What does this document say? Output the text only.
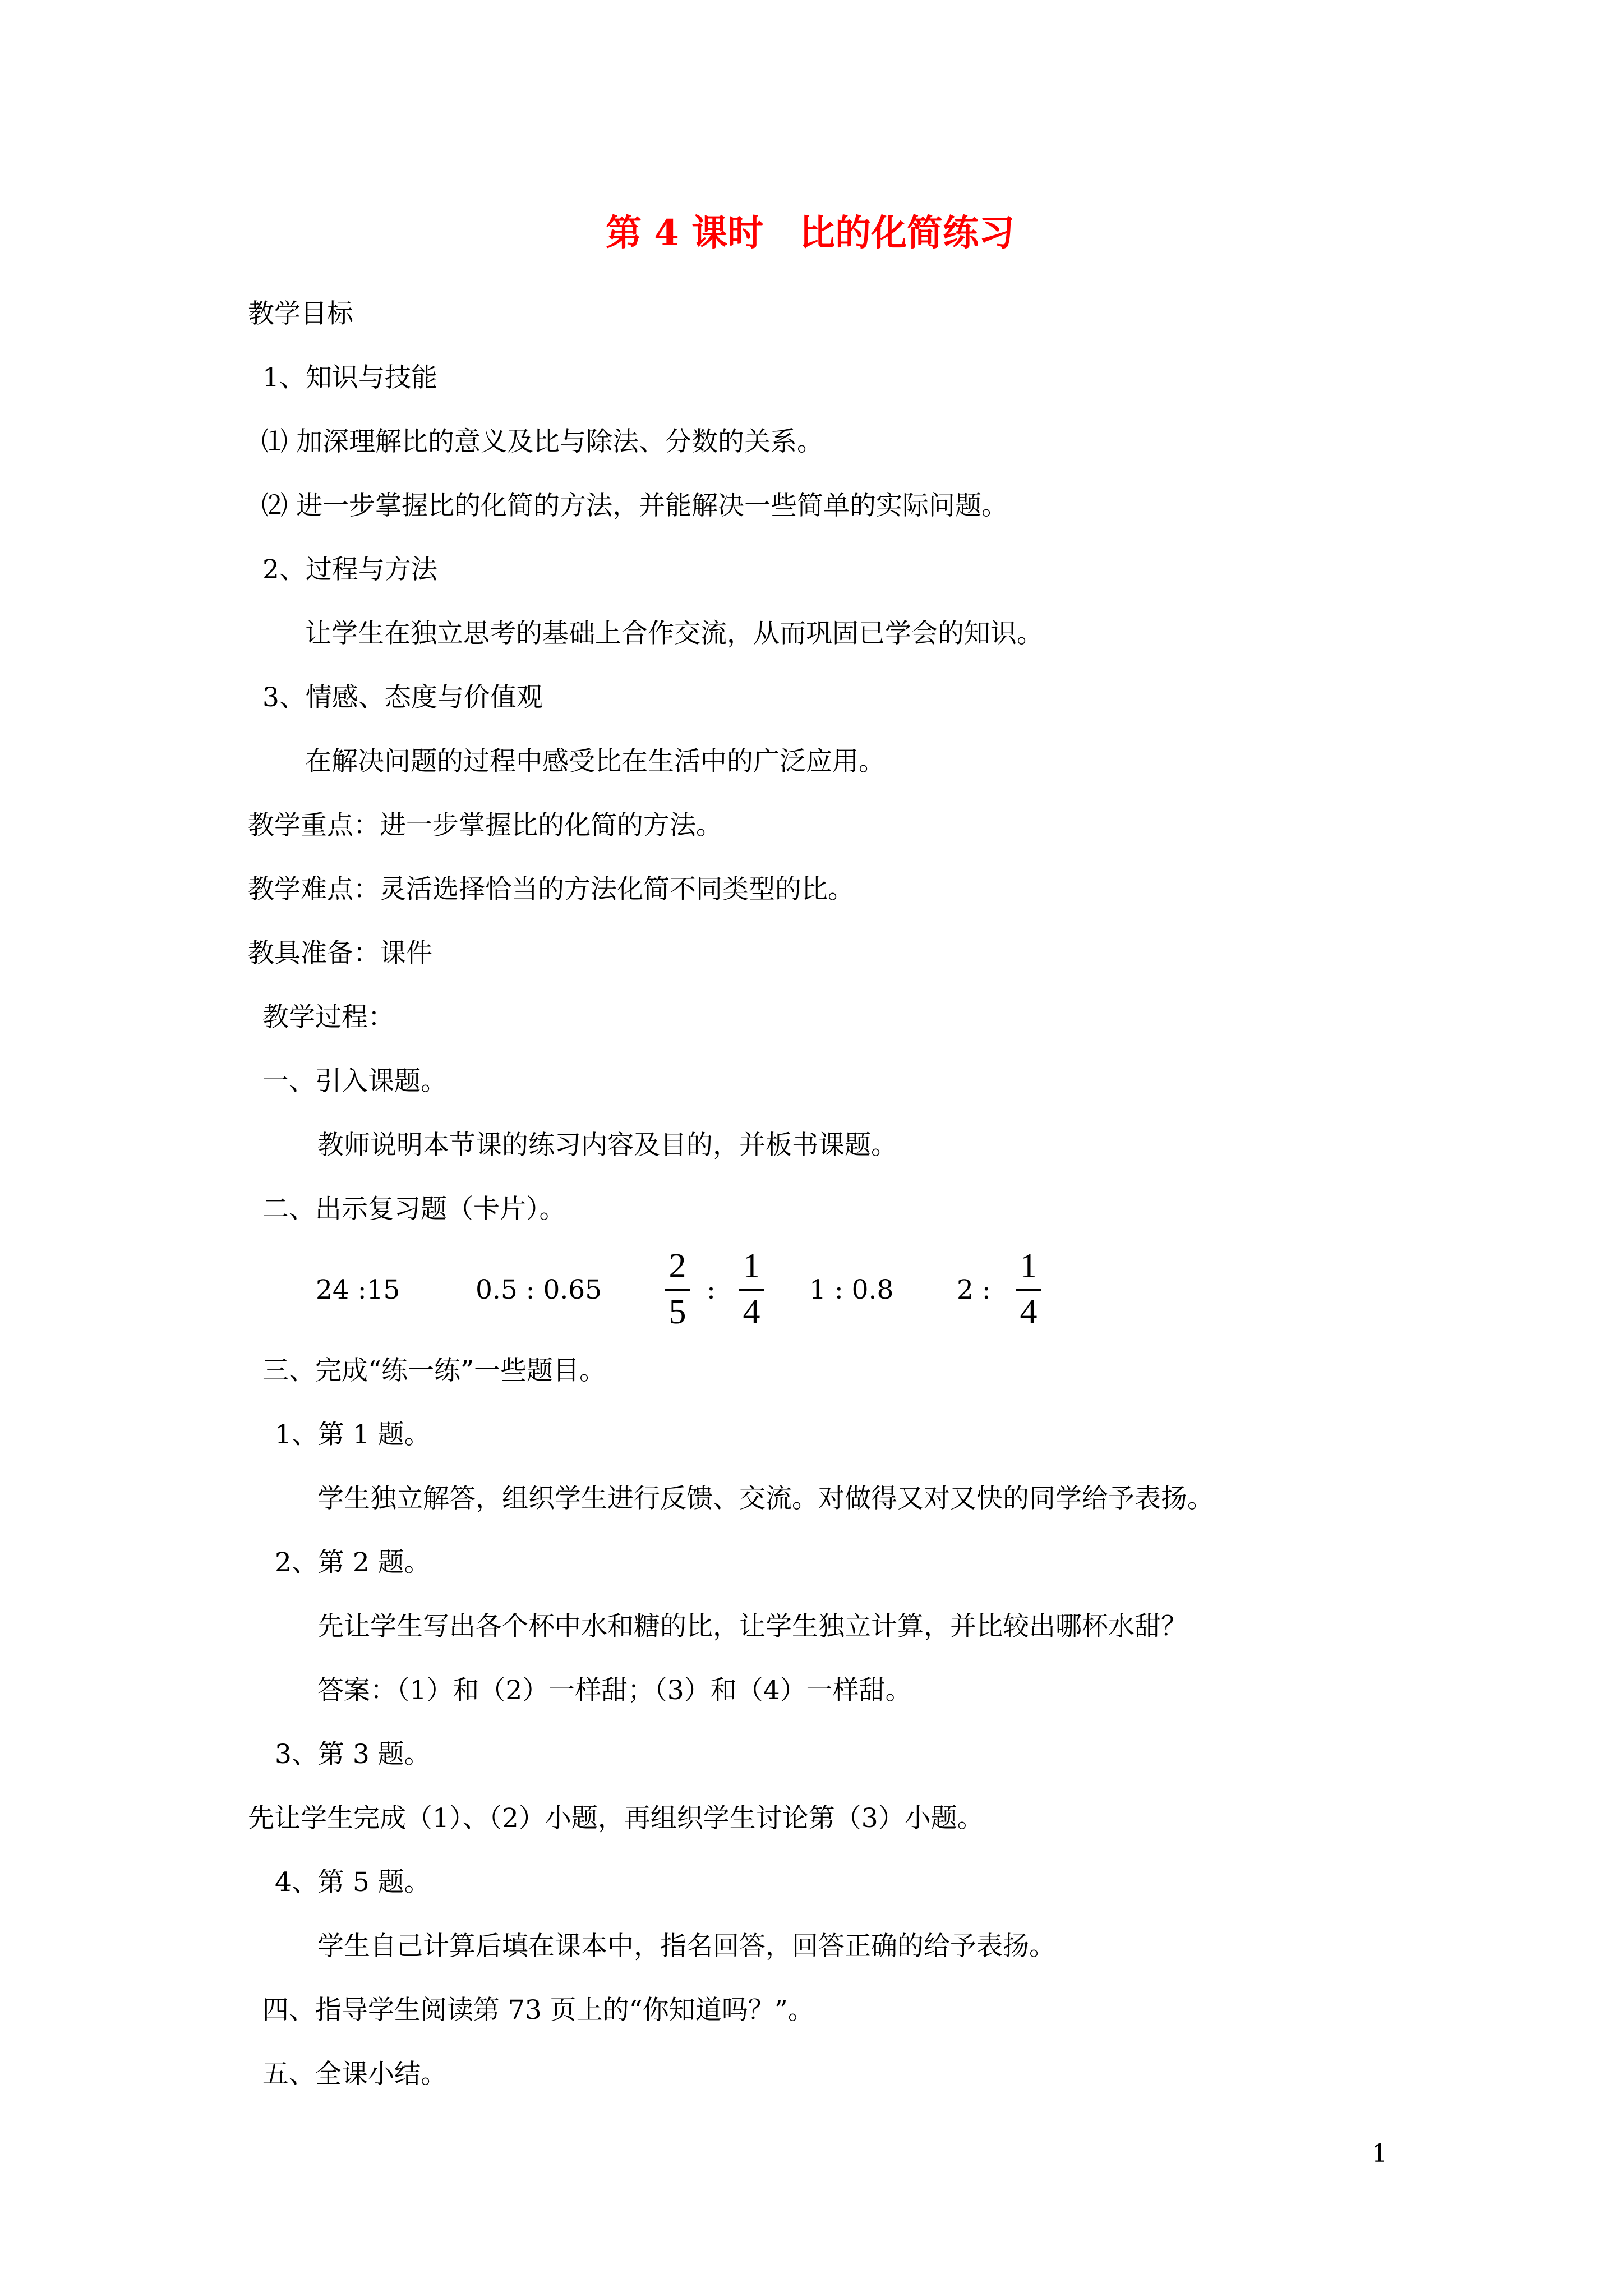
第 4 课时　比的化简练习
教学目标
1、知识与技能
⑴ 加深理解比的意义及比与除法、分数的关系。
⑵ 进一步掌握比的化简的方法，并能解决一些简单的实际问题。
2、过程与方法
让学生在独立思考的基础上合作交流，从而巩固已学会的知识。
3、情感、态度与价值观
在解决问题的过程中感受比在生活中的广泛应用。
教学重点：进一步掌握比的化简的方法。
教学难点：灵活选择恰当的方法化简不同类型的比。
教具准备：课件
教学过程：
一、引入课题。
教师说明本节课的练习内容及目的，并板书课题。
二、出示复习题（卡片）。
24 :15	0.5 : 0.65
2
5
:
1
4
1 : 0.8 2 :
1
4
三、完成“练一练”一些题目。
1、第 1 题。
学生独立解答，组织学生进行反馈、交流。对做得又对又快的同学给予表扬。
2、第 2 题。
先让学生写出各个杯中水和糖的比，让学生独立计算，并比较出哪杯水甜？
答案：（1）和（2）一样甜；（3）和（4）一样甜。
3、第 3 题。
先让学生完成（1）、（2）小题，再组织学生讨论第（3）小题。
4、第 5 题。
学生自己计算后填在课本中，指名回答，回答正确的给予表扬。
四、指导学生阅读第 73 页上的“你知道吗？”。
五、全课小结。
1
